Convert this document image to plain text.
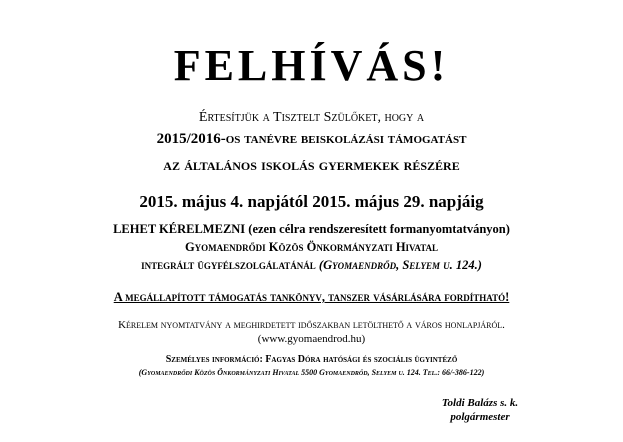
FELHÍVÁS!
Értesítjük a Tisztelt Szülőket, hogy a
2015/2016-os tanévre beiskolázási támogatást
az általános iskolás gyermekek részére
2015. május 4. napjától 2015. május 29. napjáig
LEHET KÉRELMEZNI (ezen célra rendszeresített formanyomtatványon)
Gyomaendrődi Közös Önkormányzati Hivatal
integrált ügyfélszolgálatánál (Gyomaendrőd, Selyem u. 124.)
A megállapított támogatás tankönyv, tanszer vásárlására fordítható!
Kérelem nyomtatvány a meghirdetett időszakban letölthető a város honlapjáról.
(www.gyomaendrod.hu)
Személyes információ: Fagyas Dóra hatósági és szociális ügyintéző
(Gyomaendrődi Közös Önkormányzati Hivatal 5500 Gyomaendrőd, Selyem u. 124. Tel.: 66/-386-122)
Toldi Balázs s. k.
polgármester
